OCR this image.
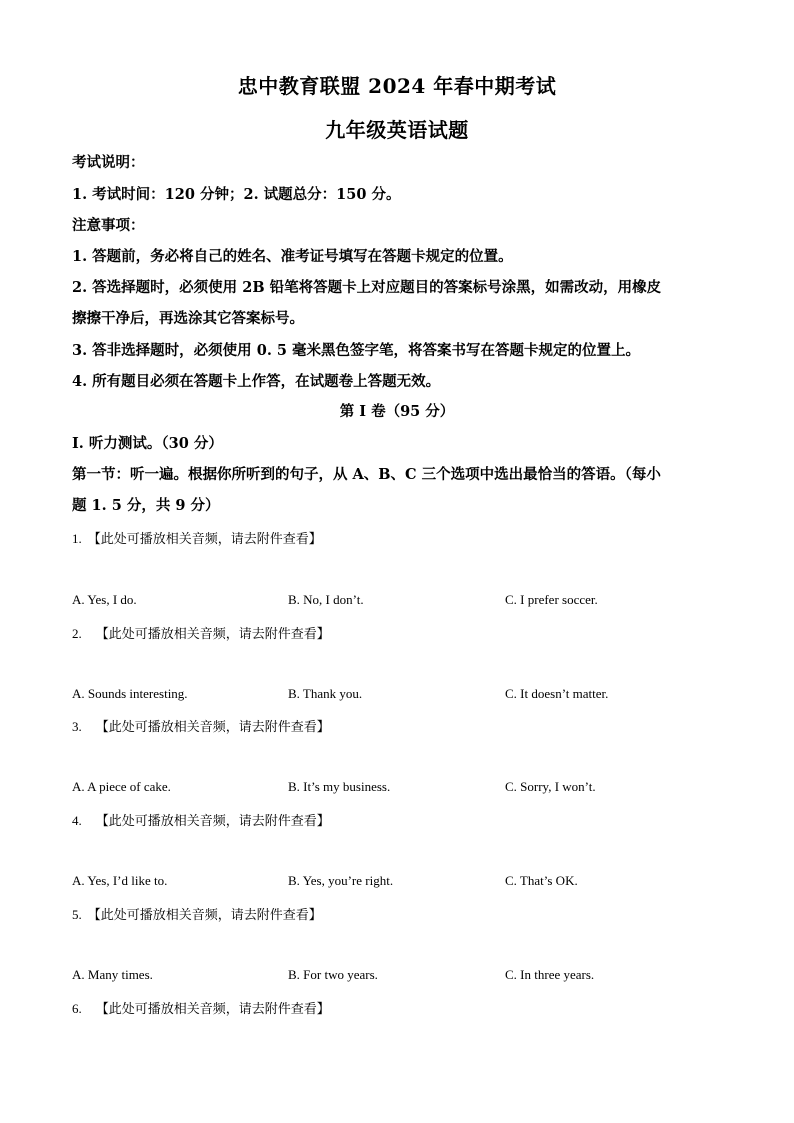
忠中教育联盟 2024 年春中期考试
九年级英语试题
考试说明：
1. 考试时间：120 分钟；2. 试题总分：150 分。
注意事项：
1. 答题前，务必将自己的姓名、准考证号填写在答题卡规定的位置。
2. 答选择题时，必须使用 2B 铅笔将答题卡上对应题目的答案标号涂黑，如需改动，用橡皮
擦擦干净后，再选涂其它答案标号。
3. 答非选择题时，必须使用 0. 5 毫米黑色签字笔，将答案书写在答题卡规定的位置上。
4. 所有题目必须在答题卡上作答，在试题卷上答题无效。
第 I 卷（95 分）
I. 听力测试。（30 分）
第一节：听一遍。根据你所听到的句子，从 A、B、C 三个选项中选出最恰当的答语。（每小
题 1. 5 分，共 9 分）
1. 【此处可播放相关音频，请去附件查看】
A. Yes, I do.	B. No, I don’t.	C. I prefer soccer.
2. 【此处可播放相关音频，请去附件查看】
A. Sounds interesting.	B. Thank you.	C. It doesn’t matter.
3. 【此处可播放相关音频，请去附件查看】
A. A piece of cake.	B. It’s my business.	C. Sorry, I won’t.
4. 【此处可播放相关音频，请去附件查看】
A. Yes, I’d like to.	B. Yes, you’re right.	C. That’s OK.
5. 【此处可播放相关音频，请去附件查看】
A. Many times.	B. For two years.	C. In three years.
6. 【此处可播放相关音频，请去附件查看】
